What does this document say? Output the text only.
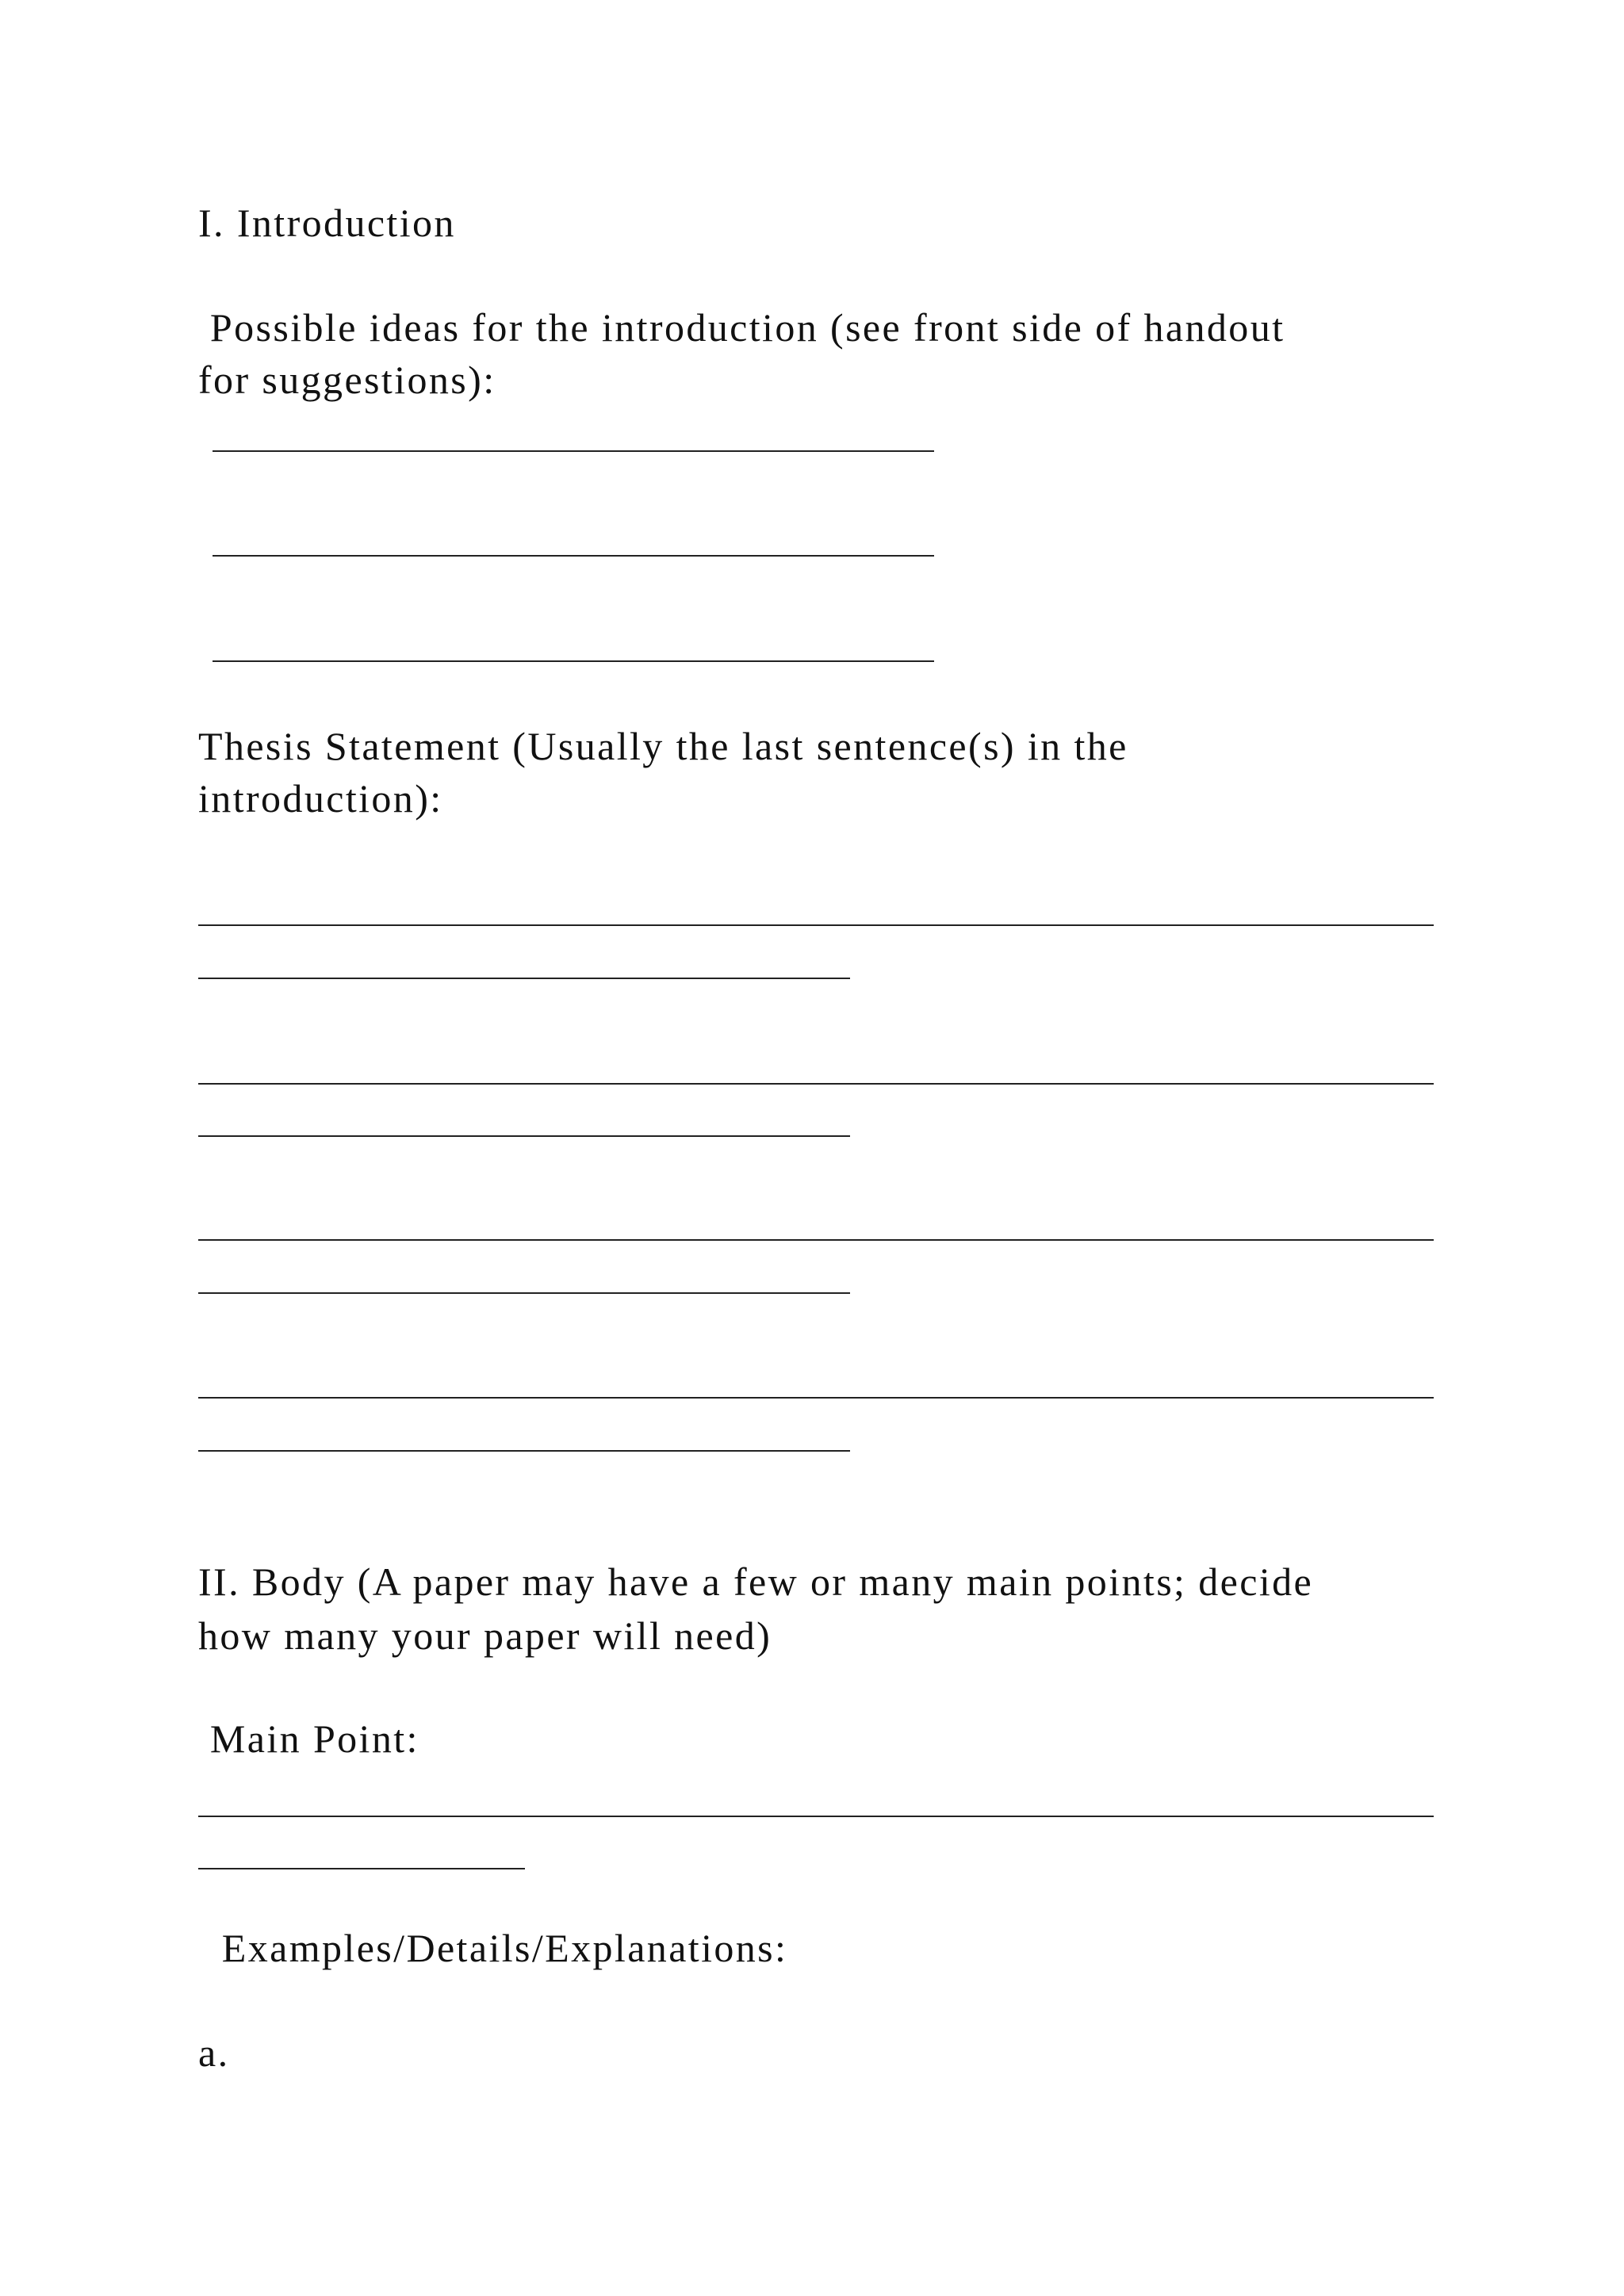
I. Introduction

Possible ideas for the introduction (see front side of handout

for suggestions):

Thesis Statement (Usually the last sentence(s) in the

introduction):

II. Body (A paper may have a few or many main points; decide

how many your paper will need)

Main Point:

Examples/Details/Explanations:

a.
